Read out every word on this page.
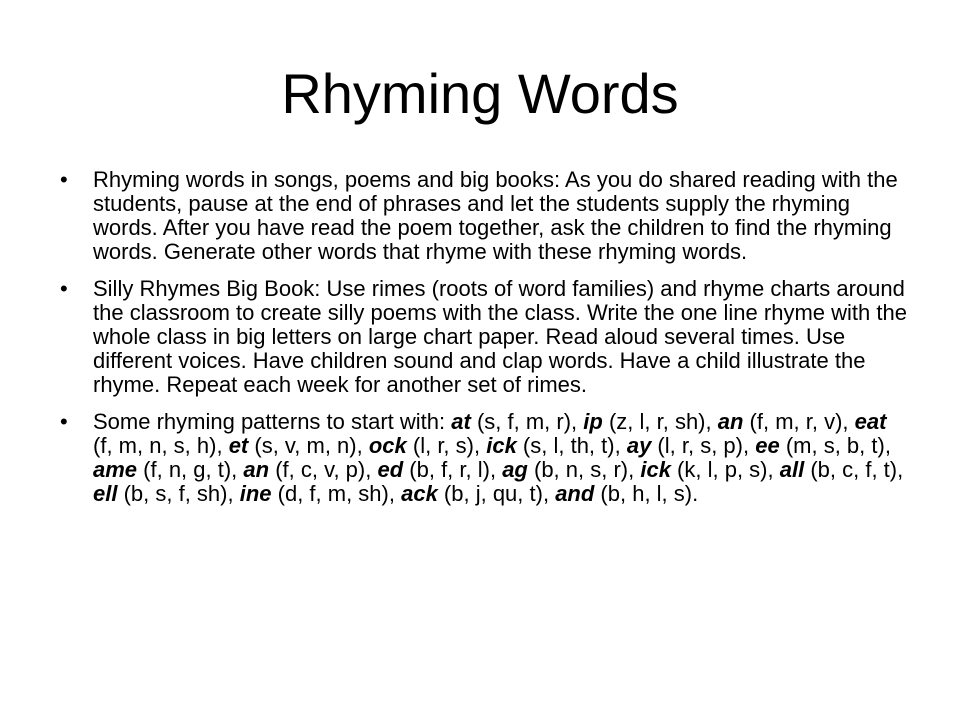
Rhyming Words
•	Rhyming words in songs, poems and big books: As you do shared reading with the students, pause at the end of phrases and let the students supply the rhyming words. After you have read the poem together, ask the children to find the rhyming words. Generate other words that rhyme with these rhyming words.
•	Silly Rhymes Big Book: Use rimes (roots of word families) and rhyme charts around the classroom to create silly poems with the class. Write the one line rhyme with the whole class in big letters on large chart paper. Read aloud several times. Use different voices. Have children sound and clap words. Have a child illustrate the rhyme. Repeat each week for another set of rimes.
•	Some rhyming patterns to start with: at (s, f, m, r), ip (z, l, r, sh), an (f, m, r, v), eat (f, m, n, s, h), et (s, v, m, n), ock (l, r, s), ick (s, l, th, t), ay (l, r, s, p), ee (m, s, b, t), ame (f, n, g, t), an (f, c, v, p), ed (b, f, r, l), ag (b, n, s, r), ick (k, l, p, s), all (b, c, f, t), ell (b, s, f, sh), ine (d, f, m, sh), ack (b, j, qu, t), and (b, h, l, s).
